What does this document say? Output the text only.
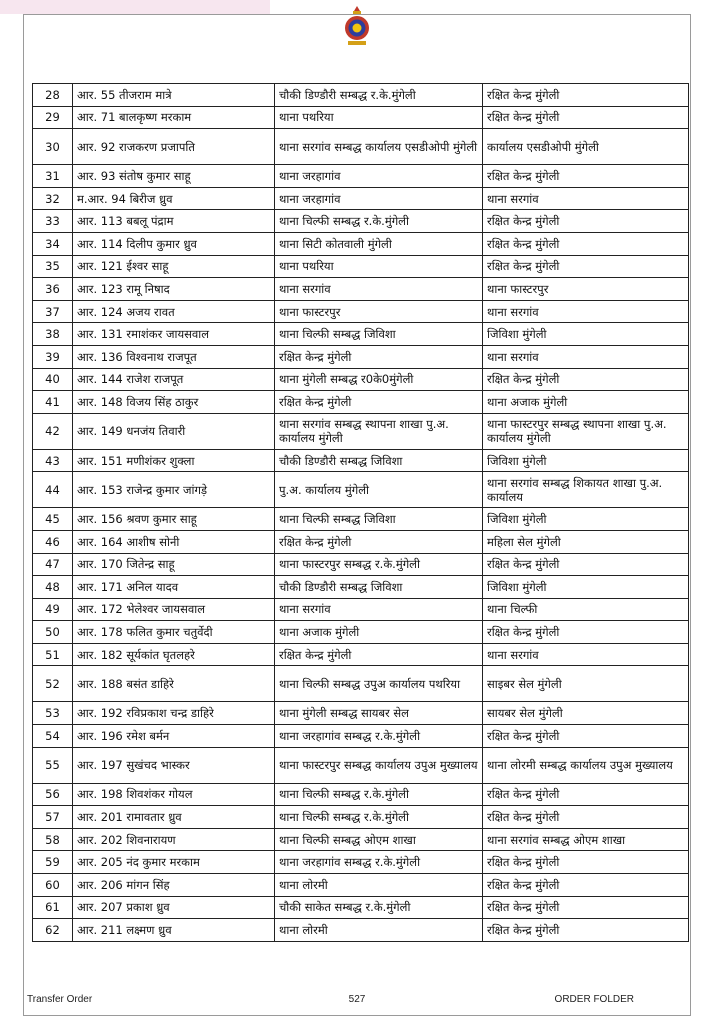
28	आर. 55 तीजराम मात्रे	चौकी डिण्डौरी सम्बद्ध र.के.मुंगेली	रक्षित केन्द्र मुंगेली
29	आर. 71 बालकृष्ण मरकाम	थाना पथरिया	रक्षित केन्द्र मुंगेली
30	आर. 92 राजकरण प्रजापति	थाना सरगांव सम्बद्ध कार्यालय एसडीओपी मुंगेली	कार्यालय एसडीओपी मुंगेली
31	आर. 93 संतोष कुमार साहू	थाना जरहागांव	रक्षित केन्द्र मुंगेली
32	म.आर. 94 बिरीज ध्रुव	थाना जरहागांव	थाना सरगांव
33	आर. 113 बबलू पंद्राम	थाना चिल्फी सम्बद्ध र.के.मुंगेली	रक्षित केन्द्र मुंगेली
34	आर. 114 दिलीप कुमार ध्रुव	थाना सिटी कोतवाली मुंगेली	रक्षित केन्द्र मुंगेली
35	आर. 121 ईश्वर साहू	थाना पथरिया	रक्षित केन्द्र मुंगेली
36	आर. 123 रामू निषाद	थाना सरगांव	थाना फास्टरपुर
37	आर. 124 अजय रावत	थाना फास्टरपुर	थाना सरगांव
38	आर. 131 रमाशंकर जायसवाल	थाना चिल्फी सम्बद्ध जिविशा	जिविशा मुंगेली
39	आर. 136 विश्वनाथ राजपूत	रक्षित केन्द्र मुंगेली	थाना सरगांव
40	आर. 144 राजेश राजपूत	थाना मुंगेली सम्बद्ध र0के0मुंगेली	रक्षित केन्द्र मुंगेली
41	आर. 148 विजय सिंह ठाकुर	रक्षित केन्द्र मुंगेली	थाना अजाक मुंगेली
42	आर. 149 धनजंय तिवारी	थाना सरगांव सम्बद्ध स्थापना शाखा पु.अ. कार्यालय मुंगेली	थाना फास्टरपुर सम्बद्ध स्थापना शाखा पु.अ. कार्यालय मुंगेली
43	आर. 151 मणीशंकर शुक्ला	चौकी डिण्डौरी सम्बद्ध जिविशा	जिविशा मुंगेली
44	आर. 153 राजेन्द्र कुमार जांगड़े	पु.अ. कार्यालय मुंगेली	थाना सरगांव सम्बद्ध शिकायत शाखा पु.अ. कार्यालय
45	आर. 156 श्रवण कुमार साहू	थाना चिल्फी सम्बद्ध जिविशा	जिविशा मुंगेली
46	आर. 164 आशीष सोनी	रक्षित केन्द्र मुंगेली	महिला सेल मुंगेली
47	आर. 170 जितेन्द्र साहू	थाना फास्टरपुर सम्बद्ध र.के.मुंगेली	रक्षित केन्द्र मुंगेली
48	आर. 171 अनिल यादव	चौकी डिण्डौरी सम्बद्ध जिविशा	जिविशा मुंगेली
49	आर. 172 भेलेश्वर जायसवाल	थाना सरगांव	थाना चिल्फी
50	आर. 178 फलित कुमार चतुर्वेदी	थाना अजाक मुंगेली	रक्षित केन्द्र मुंगेली
51	आर. 182 सूर्यकांत घृतलहरे	रक्षित केन्द्र मुंगेली	थाना सरगांव
52	आर. 188 बसंत डाहिरे	थाना चिल्फी सम्बद्ध उपुअ कार्यालय पथरिया	साइबर सेल मुंगेली
53	आर. 192 रविप्रकाश चन्द्र डाहिरे	थाना मुंगेली सम्बद्ध सायबर सेल	सायबर सेल मुंगेली
54	आर. 196 रमेश बर्मन	थाना जरहागांव सम्बद्ध र.के.मुंगेली	रक्षित केन्द्र मुंगेली
55	आर. 197 सुखंचद भास्कर	थाना फास्टरपुर सम्बद्ध कार्यालय उपुअ मुख्यालय	थाना लोरमी सम्बद्ध कार्यालय उपुअ मुख्यालय
56	आर. 198 शिवशंकर गोयल	थाना चिल्फी सम्बद्ध र.के.मुंगेली	रक्षित केन्द्र मुंगेली
57	आर. 201 रामावतार ध्रुव	थाना चिल्फी सम्बद्ध र.के.मुंगेली	रक्षित केन्द्र मुंगेली
58	आर. 202 शिवनारायण	थाना चिल्फी सम्बद्ध ओएम शाखा	थाना सरगांव सम्बद्ध ओएम शाखा
59	आर. 205 नंद कुमार मरकाम	थाना जरहागांव सम्बद्ध र.के.मुंगेली	रक्षित केन्द्र मुंगेली
60	आर. 206 मांगन सिंह	थाना लोरमी	रक्षित केन्द्र मुंगेली
61	आर. 207 प्रकाश ध्रुव	चौकी साकेत सम्बद्ध र.के.मुंगेली	रक्षित केन्द्र मुंगेली
62	आर. 211 लक्ष्मण ध्रुव	थाना लोरमी	रक्षित केन्द्र मुंगेली
Transfer Order	527	ORDER FOLDER
